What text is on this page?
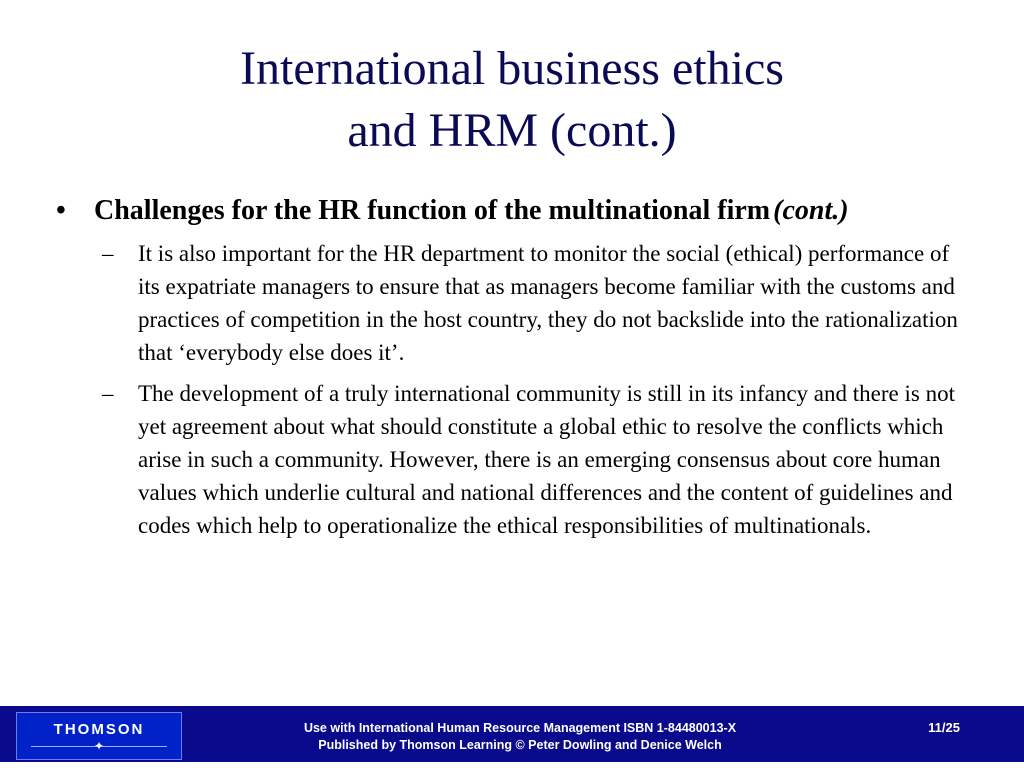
International business ethics
and HRM (cont.)
•	Challenges for the HR function of the multinational firm (cont.)
–	It is also important for the HR department to monitor the social (ethical) performance of its expatriate managers to ensure that as managers become familiar with the customs and practices of competition in the host country, they do not backslide into the rationalization that ‘everybody else does it’.
–	The development of a truly international community is still in its infancy and there is not yet agreement about what should constitute a global ethic to resolve the conflicts which arise in such a community. However, there is an emerging consensus about core human values which underlie cultural and national differences and the content of guidelines and codes which help to operationalize the ethical responsibilities of multinationals.
THOMSON
✦
Use with International Human Resource Management ISBN 1-84480013-X
Published by Thomson Learning © Peter Dowling and Denice Welch
11/25
